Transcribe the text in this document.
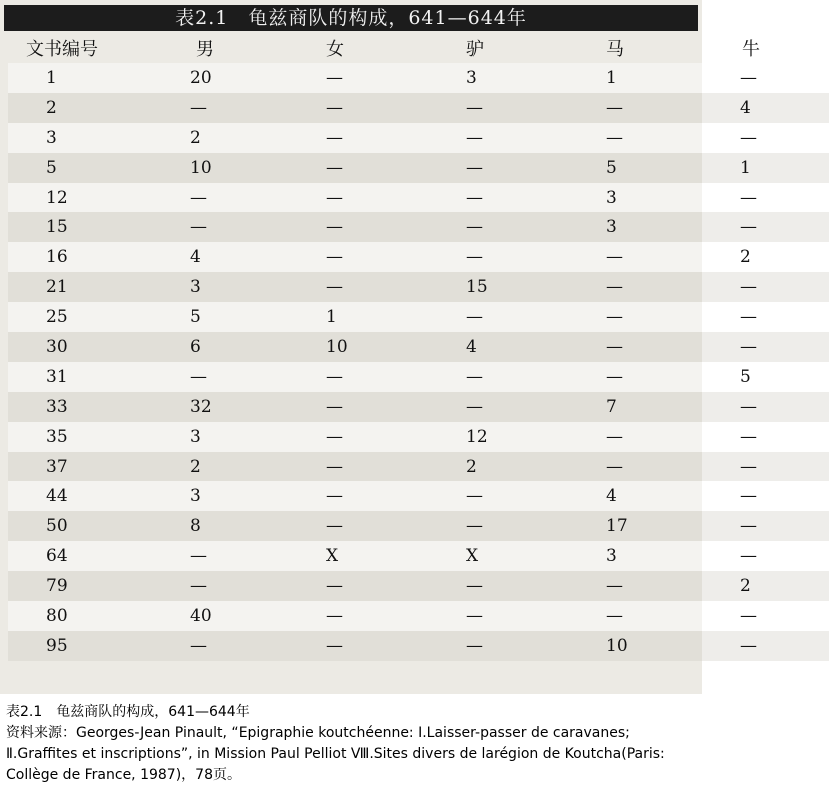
表2.1　龟兹商队的构成，641—644年
文书编号	男	女	驴	马	牛
1	20	—	3	1	—
2	—	—	—	—	4
3	2	—	—	—	—
5	10	—	—	5	1
12	—	—	—	3	—
15	—	—	—	3	—
16	4	—	—	—	2
21	3	—	15	—	—
25	5	1	—	—	—
30	6	10	4	—	—
31	—	—	—	—	5
33	32	—	—	7	—
35	3	—	12	—	—
37	2	—	2	—	—
44	3	—	—	4	—
50	8	—	—	17	—
64	—	X	X	3	—
79	—	—	—	—	2
80	40	—	—	—	—
95	—	—	—	10	—

表2.1　龟兹商队的构成，641—644年

资料来源：Georges-Jean Pinault, “Epigraphie koutchéenne: Ⅰ.Laisser-passer de caravanes; Ⅱ.Graffites et inscriptions”, in Mission Paul Pelliot Ⅷ.Sites divers de larégion de Koutcha(Paris: Collège de France, 1987)，78页。
